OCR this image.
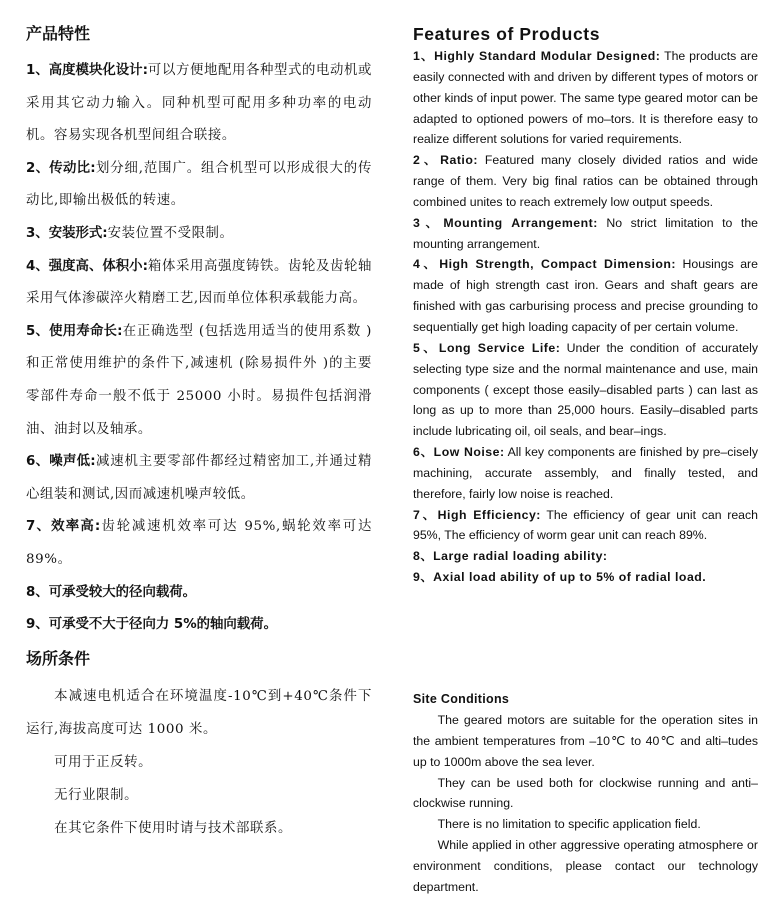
产品特性

1、高度模块化设计:可以方便地配用各种型式的电动机或采用其它动力输入。同种机型可配用多种功率的电动机。容易实现各机型间组合联接。

2、传动比:划分细,范围广。组合机型可以形成很大的传动比,即输出极低的转速。

3、安装形式:安装位置不受限制。

4、强度高、体积小:箱体采用高强度铸铁。齿轮及齿轮轴采用气体渗碳淬火精磨工艺,因而单位体积承载能力高。

5、使用寿命长:在正确选型 (包括选用适当的使用系数 )和正常使用维护的条件下,减速机 (除易损件外 )的主要零部件寿命一般不低于 25000 小时。易损件包括润滑油、油封以及轴承。

6、噪声低:减速机主要零部件都经过精密加工,并通过精心组装和测试,因而减速机噪声较低。

7、效率高:齿轮减速机效率可达 95%,蜗轮效率可达 89%。

8、可承受较大的径向载荷。

9、可承受不大于径向力 5%的轴向载荷。

场所条件

本减速电机适合在环境温度-10℃到+40℃条件下运行,海拔高度可达 1000 米。

可用于正反转。

无行业限制。

在其它条件下使用时请与技术部联系。

Features of Products

1、Highly Standard Modular Designed: The products are easily connected with and driven by different types of motors or other kinds of input power. The same type geared motor can be adapted to optioned powers of mo–tors. It is therefore easy to realize different solutions for varied requirements.

2、Ratio: Featured many closely divided ratios and wide range of them. Very big final ratios can be obtained through combined unites to reach extremely low output speeds.

3、Mounting Arrangement: No strict limitation to the mounting arrangement.

4、High Strength, Compact Dimension: Housings are made of high strength cast iron. Gears and shaft gears are finished with gas carburising process and precise grounding to sequentially get high loading capacity of per certain volume.

5、Long Service Life: Under the condition of accurately selecting type size and the normal maintenance and use, main components ( except those easily–disabled parts ) can last as long as up to more than 25,000 hours. Easily–disabled parts include lubricating oil, oil seals, and bear–ings.

6、Low Noise: All key components are finished by pre–cisely machining, accurate assembly, and finally tested, and therefore, fairly low noise is reached.

7、High Efficiency: The efficiency of gear unit can reach 95%, The efficiency of worm gear unit can reach 89%.

8、Large radial loading ability:

9、Axial load ability of up to 5% of radial load.

Site Conditions

The geared motors are suitable for the operation sites in the ambient temperatures from –10℃ to 40℃ and alti–tudes up to 1000m above the sea lever.

They can be used both for clockwise running and anti–clockwise running.

There is no limitation to specific application field.

While applied in other aggressive operating atmosphere or environment conditions, please contact our technology department.
